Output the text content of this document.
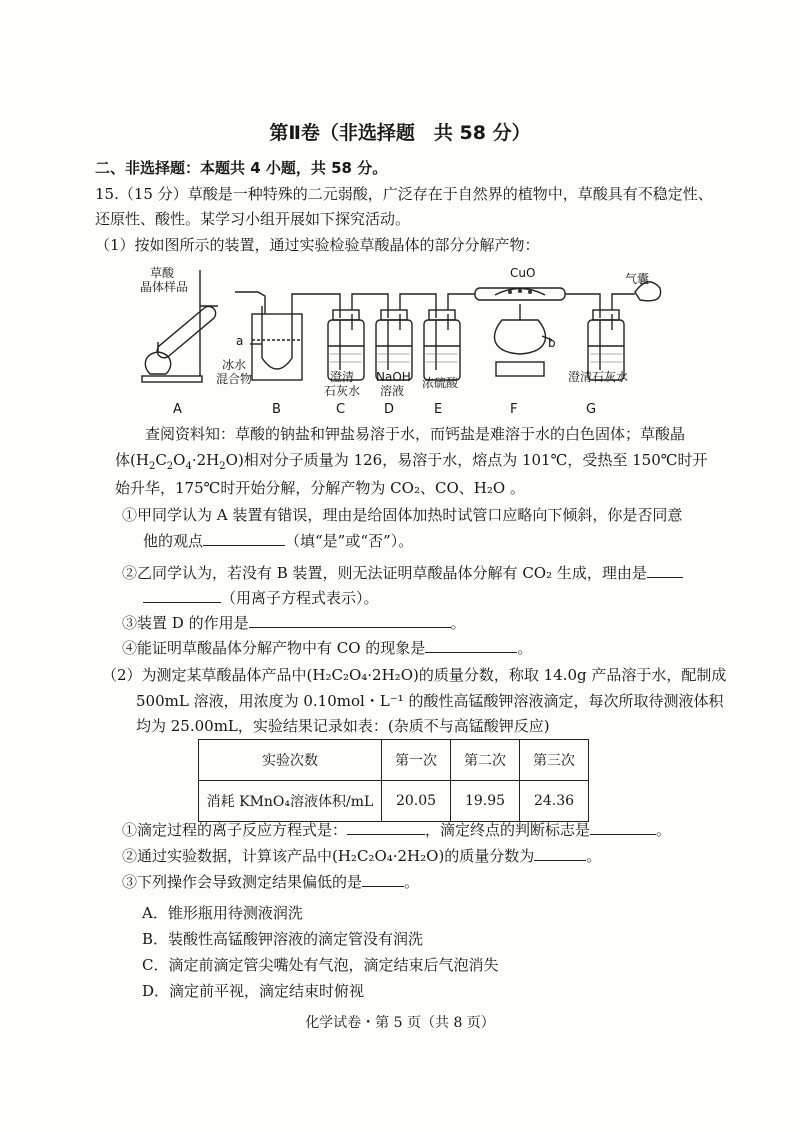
第Ⅱ卷（非选择题　共 58 分）
二、非选择题：本题共 4 小题，共 58 分。
15.（15 分）草酸是一种特殊的二元弱酸，广泛存在于自然界的植物中，草酸具有不稳定性、
还原性、酸性。某学习小组开展如下探究活动。
（1）按如图所示的装置，通过实验检验草酸晶体的部分分解产物：
草酸
晶体样品
CuO	气囊
a	b
冰水
混合物	澄清
石灰水
NaOH
溶液
浓硫酸	澄清石灰水
A	B	C	D	E	F	G
查阅资料知：草酸的钠盐和钾盐易溶于水，而钙盐是难溶于水的白色固体；草酸晶
体$(H_2C_2O_4\cdot 2H_2O)$相对分子质量为 126，易溶于水，熔点为 101℃，受热至 150℃时开
始升华，175℃时开始分解，分解产物为 CO₂、CO、H₂O 。
①甲同学认为 A 装置有错误，理由是给固体加热时试管口应略向下倾斜，你是否同意
他的观点	（填“是”或“否”）。
②乙同学认为，若没有 B 装置，则无法证明草酸晶体分解有 CO₂ 生成，理由是
（用离子方程式表示）。
③装置 D 的作用是	。
④能证明草酸晶体分解产物中有 CO 的现象是	。
（2）为测定某草酸晶体产品中(H₂C₂O₄·2H₂O)的质量分数，称取 14.0g 产品溶于水，配制成
500mL 溶液，用浓度为 0.10mol・L⁻¹ 的酸性高锰酸钾溶液滴定，每次所取待测液体积
均为 25.00mL，实验结果记录如表：(杂质不与高锰酸钾反应)
实验次数	第一次	第二次	第三次
消耗 KMnO₄溶液体积/mL	20.05	19.95	24.36
①滴定过程的离子反应方程式是：	，滴定终点的判断标志是	。
②通过实验数据，计算该产品中(H₂C₂O₄·2H₂O)的质量分数为	。
③下列操作会导致测定结果偏低的是	。
A．锥形瓶用待测液润洗
B．装酸性高锰酸钾溶液的滴定管没有润洗
C．滴定前滴定管尖嘴处有气泡，滴定结束后气泡消失
D．滴定前平视，滴定结束时俯视
化学试卷・第 5 页（共 8 页）
